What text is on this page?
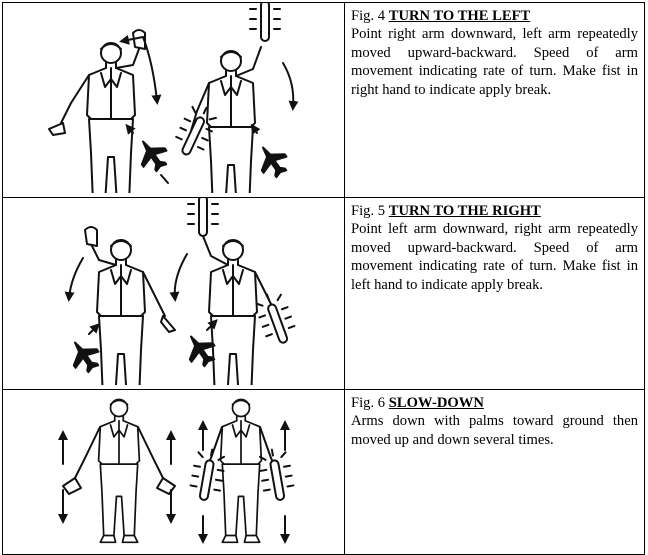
Fig. 4 TURN TO THE LEFT
Point right arm downward, left arm repeatedly moved upward-backward. Speed of arm movement indicating rate of turn. Make fist in right hand to indicate apply break.

Fig. 5 TURN TO THE RIGHT
Point left arm downward, right arm repeatedly moved upward-backward. Speed of arm movement indicating rate of turn. Make fist in left hand to indicate apply break.

Fig. 6 SLOW-DOWN
Arms down with palms toward ground then moved up and down several times.
